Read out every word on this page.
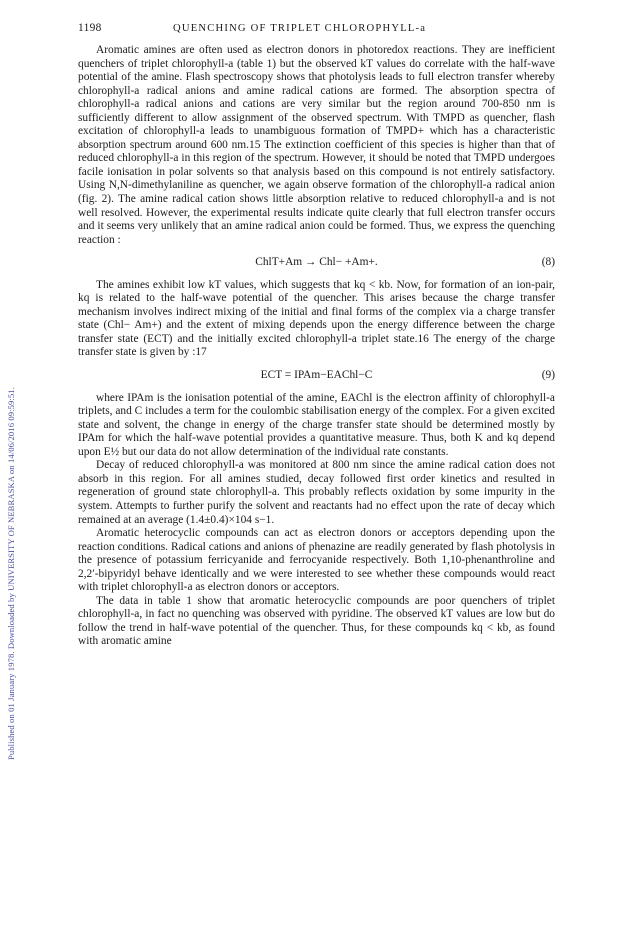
Published on 01 January 1978. Downloaded by UNIVERSITY OF NEBRASKA on 14/06/2016 09:59:51.
1198	QUENCHING OF TRIPLET CHLOROPHYLL-a

Aromatic amines are often used as electron donors in photoredox reactions. They are inefficient quenchers of triplet chlorophyll-a (table 1) but the observed kT values do correlate with the half-wave potential of the amine. Flash spectroscopy shows that photolysis leads to full electron transfer whereby chlorophyll-a radical anions and amine radical cations are formed. The absorption spectra of chlorophyll-a radical anions and cations are very similar but the region around 700-850 nm is sufficiently different to allow assignment of the observed spectrum. With TMPD as quencher, flash excitation of chlorophyll-a leads to unambiguous formation of TMPD+ which has a characteristic absorption spectrum around 600 nm.15 The extinction coefficient of this species is higher than that of reduced chlorophyll-a in this region of the spectrum. However, it should be noted that TMPD undergoes facile ionisation in polar solvents so that analysis based on this compound is not entirely satisfactory. Using N,N-dimethylaniline as quencher, we again observe formation of the chlorophyll-a radical anion (fig. 2). The amine radical cation shows little absorption relative to reduced chlorophyll-a and is not well resolved. However, the experimental results indicate quite clearly that full electron transfer occurs and it seems very unlikely that an amine radical anion could be formed. Thus, we express the quenching reaction :

ChlT+Am → Chl− +Am+.	(8)

The amines exhibit low kT values, which suggests that kq < kb. Now, for formation of an ion-pair, kq is related to the half-wave potential of the quencher. This arises because the charge transfer mechanism involves indirect mixing of the initial and final forms of the complex via a charge transfer state (Chl− Am+) and the extent of mixing depends upon the energy difference between the charge transfer state (ECT) and the initially excited chlorophyll-a triplet state.16 The energy of the charge transfer state is given by :17

ECT = IPAm−EAChl−C	(9)

where IPAm is the ionisation potential of the amine, EAChl is the electron affinity of chlorophyll-a triplets, and C includes a term for the coulombic stabilisation energy of the complex. For a given excited state and solvent, the change in energy of the charge transfer state should be determined mostly by IPAm for which the half-wave potential provides a quantitative measure. Thus, both K and kq depend upon E½ but our data do not allow determination of the individual rate constants.

Decay of reduced chlorophyll-a was monitored at 800 nm since the amine radical cation does not absorb in this region. For all amines studied, decay followed first order kinetics and resulted in regeneration of ground state chlorophyll-a. This probably reflects oxidation by some impurity in the system. Attempts to further purify the solvent and reactants had no effect upon the rate of decay which remained at an average (1.4±0.4)×104 s−1.

Aromatic heterocyclic compounds can act as electron donors or acceptors depending upon the reaction conditions. Radical cations and anions of phenazine are readily generated by flash photolysis in the presence of potassium ferricyanide and ferrocyanide respectively. Both 1,10-phenanthroline and 2,2′-bipyridyl behave identically and we were interested to see whether these compounds would react with triplet chlorophyll-a as electron donors or acceptors.

The data in table 1 show that aromatic heterocyclic compounds are poor quenchers of triplet chlorophyll-a, in fact no quenching was observed with pyridine. The observed kT values are low but do follow the trend in half-wave potential of the quencher. Thus, for these compounds kq < kb, as found with aromatic amine
